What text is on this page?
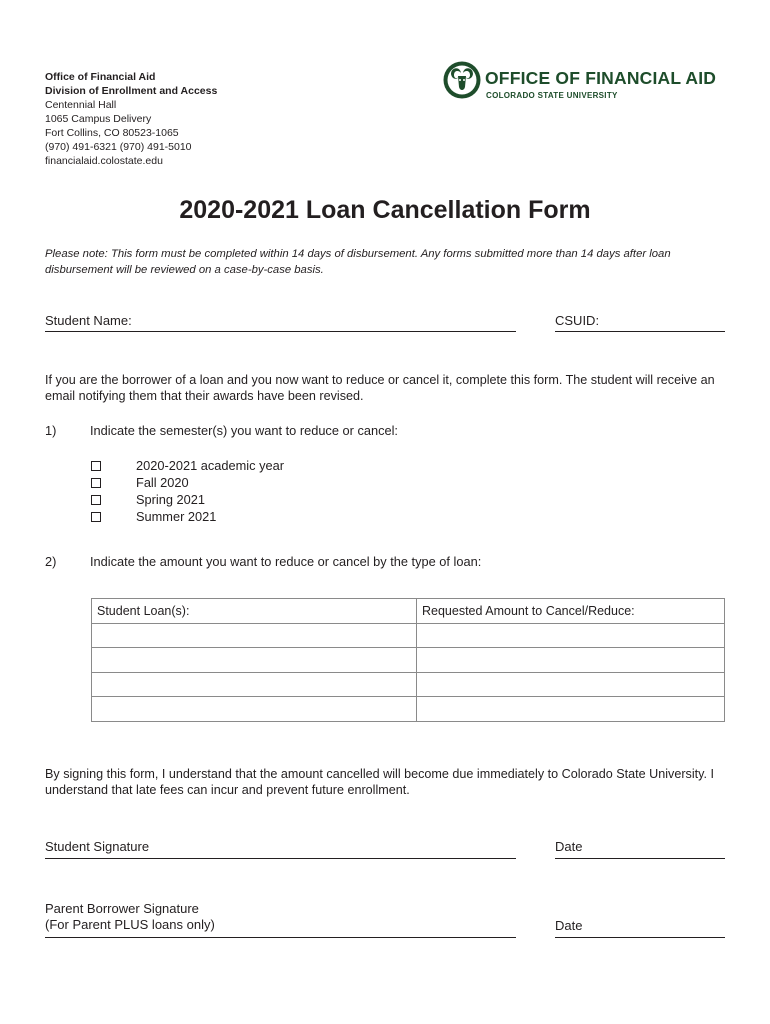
Office of Financial Aid
Division of Enrollment and Access
Centennial Hall
1065 Campus Delivery
Fort Collins, CO 80523-1065
(970) 491-6321 (970) 491-5010
financialaid.colostate.edu
OFFICE OF FINANCIAL AID
COLORADO STATE UNIVERSITY
2020-2021 Loan Cancellation Form
Please note: This form must be completed within 14 days of disbursement. Any forms submitted more than 14 days after loan disbursement will be reviewed on a case-by-case basis.
Student Name:	CSUID:
If you are the borrower of a loan and you now want to reduce or cancel it, complete this form. The student will receive an email notifying them that their awards have been revised.
1)	Indicate the semester(s) you want to reduce or cancel:
2020-2021 academic year
Fall 2020
Spring 2021
Summer 2021
2)	Indicate the amount you want to reduce or cancel by the type of loan:
Student Loan(s):	Requested Amount to Cancel/Reduce:

By signing this form, I understand that the amount cancelled will become due immediately to Colorado State University. I understand that late fees can incur and prevent future enrollment.
Student Signature	Date
Parent Borrower Signature
(For Parent PLUS loans only)	Date
